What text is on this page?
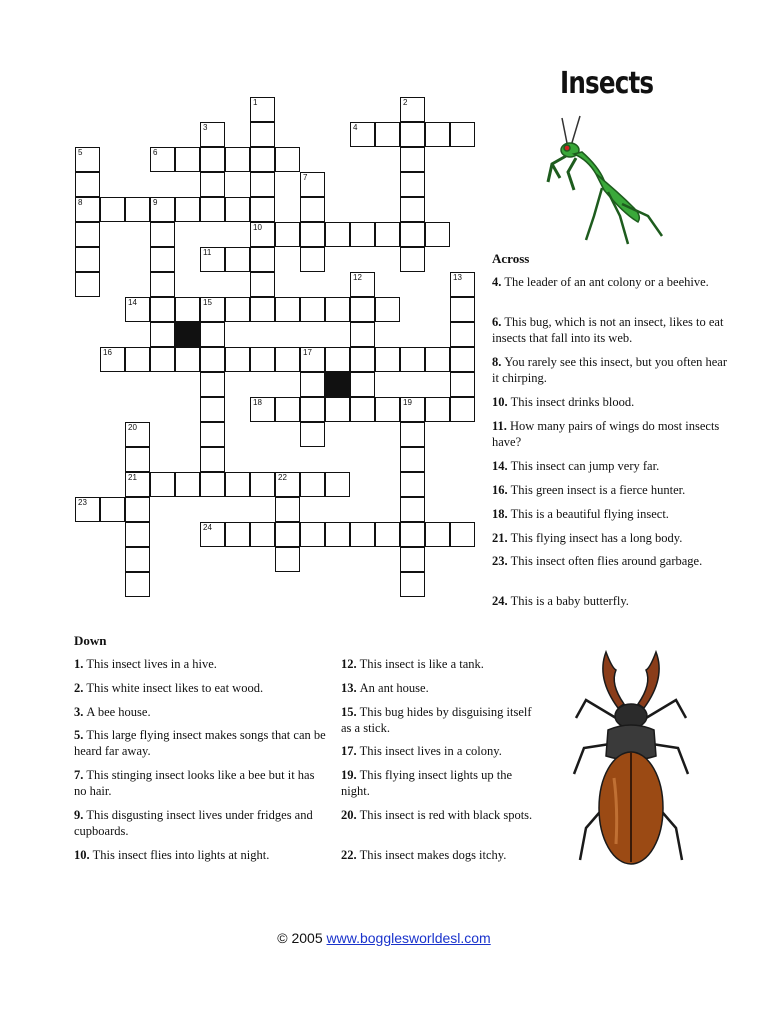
4
6
8	9
10
11
14	15
16	17
18	19
21	22
23
24
1	2
3
5
7
12	13
20
Insects
Across
4. The leader of an ant colony or a beehive.
6. This bug, which is not an insect, likes to eat insects that fall into its web.
8. You rarely see this insect, but you often hear it chirping.
10. This insect drinks blood.
11. How many pairs of wings do most insects have?
14. This insect can jump very far.
16. This green insect is a fierce hunter.
18. This is a beautiful flying insect.
21. This flying insect has a long body.
23. This insect often flies around garbage.
24. This is a baby butterfly.
Down
1. This insect lives in a hive.
2. This white insect likes to eat wood.
3. A bee house.
5. This large flying insect makes songs that can be heard far away.
7. This stinging insect looks like a bee but it has no hair.
9. This disgusting insect lives under fridges and cupboards.
10. This insect flies into lights at night.
12. This insect is like a tank.
13. An ant house.
15. This bug hides by disguising itself as a stick.
17. This insect lives in a colony.
19. This flying insect lights up the night.
20. This insect is red with black spots.
22. This insect makes dogs itchy.
© 2005 www.bogglesworldesl.com
